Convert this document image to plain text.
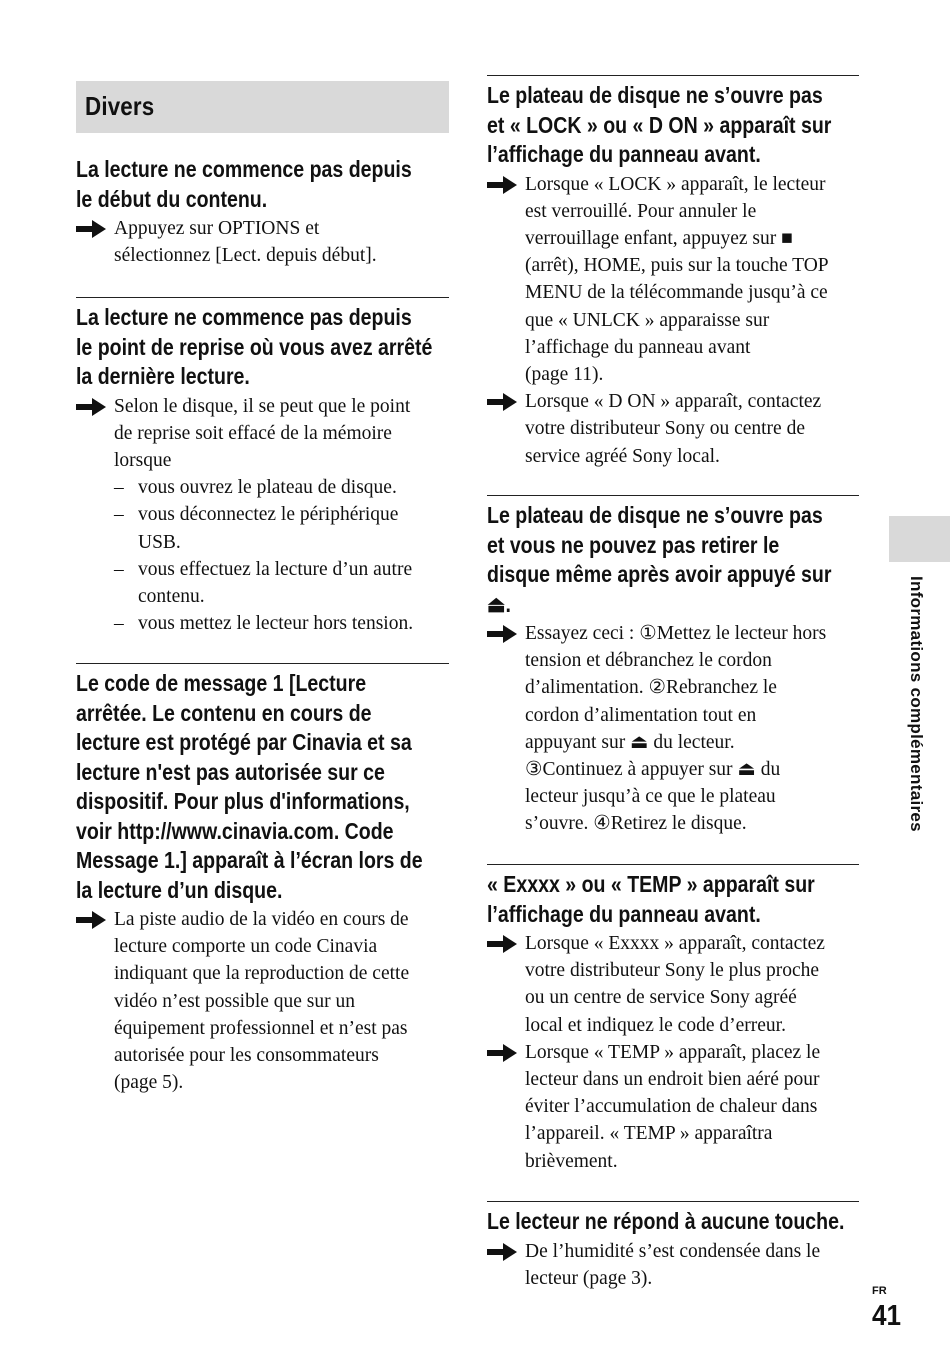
Divers
La lecture ne commence pas depuis
le début du contenu.
Appuyez sur OPTIONS et
sélectionnez [Lect. depuis début].
La lecture ne commence pas depuis
le point de reprise où vous avez arrêté
la dernière lecture.
Selon le disque, il se peut que le point
de reprise soit effacé de la mémoire
lorsque
– vous ouvrez le plateau de disque.
– vous déconnectez le périphérique
USB.
– vous effectuez la lecture d’un autre
contenu.
– vous mettez le lecteur hors tension.
Le code de message 1 [Lecture
arrêtée. Le contenu en cours de
lecture est protégé par Cinavia et sa
lecture n'est pas autorisée sur ce
dispositif. Pour plus d'informations,
voir http://www.cinavia.com. Code
Message 1.] apparaît à l’écran lors de
la lecture d’un disque.
La piste audio de la vidéo en cours de
lecture comporte un code Cinavia
indiquant que la reproduction de cette
vidéo n’est possible que sur un
équipement professionnel et n’est pas
autorisée pour les consommateurs
(page 5).
Le plateau de disque ne s’ouvre pas
et « LOCK » ou « D ON » apparaît sur
l’affichage du panneau avant.
Lorsque « LOCK » apparaît, le lecteur
est verrouillé. Pour annuler le
verrouillage enfant, appuyez sur ■
(arrêt), HOME, puis sur la touche TOP
MENU de la télécommande jusqu’à ce
que « UNLCK » apparaisse sur
l’affichage du panneau avant
(page 11).
Lorsque « D ON » apparaît, contactez
votre distributeur Sony ou centre de
service agréé Sony local.
Le plateau de disque ne s’ouvre pas
et vous ne pouvez pas retirer le
disque même après avoir appuyé sur
⏏.
Essayez ceci : ①Mettez le lecteur hors
tension et débranchez le cordon
d’alimentation. ②Rebranchez le
cordon d’alimentation tout en
appuyant sur ⏏ du lecteur.
③Continuez à appuyer sur ⏏ du
lecteur jusqu’à ce que le plateau
s’ouvre. ④Retirez le disque.
« Exxxx » ou « TEMP » apparaît sur
l’affichage du panneau avant.
Lorsque « Exxxx » apparaît, contactez
votre distributeur Sony le plus proche
ou un centre de service Sony agréé
local et indiquez le code d’erreur.
Lorsque « TEMP » apparaît, placez le
lecteur dans un endroit bien aéré pour
éviter l’accumulation de chaleur dans
l’appareil. « TEMP » apparaîtra
brièvement.
Le lecteur ne répond à aucune touche.
De l’humidité s’est condensée dans le
lecteur (page 3).
Informations complémentaires
FR
41
